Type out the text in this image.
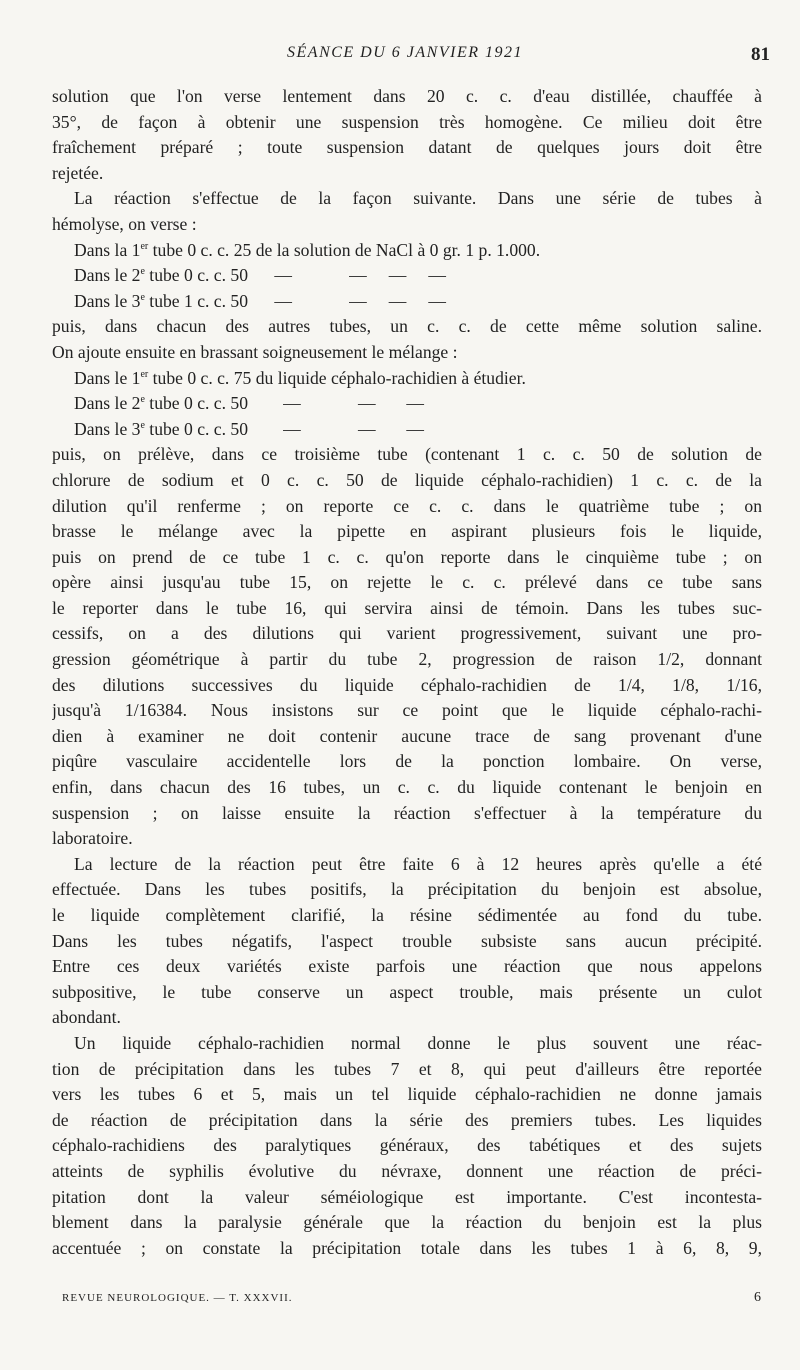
SÉANCE DU 6 JANVIER 1921	81
solution que l'on verse lentement dans 20 c. c. d'eau distillée, chauffée à
35°, de façon à obtenir une suspension très homogène. Ce milieu doit être
fraîchement préparé ; toute suspension datant de quelques jours doit être
rejetée.
La réaction s'effectue de la façon suivante. Dans une série de tubes à
hémolyse, on verse :
Dans la 1er tube 0 c. c. 25 de la solution de NaCl à 0 gr. 1 p. 1.000.
Dans le 2e tube 0 c. c. 50      —             —     —     —
Dans le 3e tube 1 c. c. 50      —             —     —     —
puis, dans chacun des autres tubes, un c. c. de cette même solution saline.
On ajoute ensuite en brassant soigneusement le mélange :
Dans le 1er tube 0 c. c. 75 du liquide céphalo-rachidien à étudier.
Dans le 2e tube 0 c. c. 50        —             —       —
Dans le 3e tube 0 c. c. 50        —             —       —
puis, on prélève, dans ce troisième tube (contenant 1 c. c. 50 de solution de
chlorure de sodium et 0 c. c. 50 de liquide céphalo-rachidien) 1 c. c. de la
dilution qu'il renferme ; on reporte ce c. c. dans le quatrième tube ; on
brasse le mélange avec la pipette en aspirant plusieurs fois le liquide,
puis on prend de ce tube 1 c. c. qu'on reporte dans le cinquième tube ; on
opère ainsi jusqu'au tube 15, on rejette le c. c. prélevé dans ce tube sans
le reporter dans le tube 16, qui servira ainsi de témoin. Dans les tubes suc-
cessifs, on a des dilutions qui varient progressivement, suivant une pro-
gression géométrique à partir du tube 2, progression de raison 1/2, donnant
des dilutions successives du liquide céphalo-rachidien de 1/4, 1/8, 1/16,
jusqu'à 1/16384. Nous insistons sur ce point que le liquide céphalo-rachi-
dien à examiner ne doit contenir aucune trace de sang provenant d'une
piqûre vasculaire accidentelle lors de la ponction lombaire. On verse,
enfin, dans chacun des 16 tubes, un c. c. du liquide contenant le benjoin en
suspension ; on laisse ensuite la réaction s'effectuer à la température du
laboratoire.
La lecture de la réaction peut être faite 6 à 12 heures après qu'elle a été
effectuée. Dans les tubes positifs, la précipitation du benjoin est absolue,
le liquide complètement clarifié, la résine sédimentée au fond du tube.
Dans les tubes négatifs, l'aspect trouble subsiste sans aucun précipité.
Entre ces deux variétés existe parfois une réaction que nous appelons
subpositive, le tube conserve un aspect trouble, mais présente un culot
abondant.
Un liquide céphalo-rachidien normal donne le plus souvent une réac-
tion de précipitation dans les tubes 7 et 8, qui peut d'ailleurs être reportée
vers les tubes 6 et 5, mais un tel liquide céphalo-rachidien ne donne jamais
de réaction de précipitation dans la série des premiers tubes. Les liquides
céphalo-rachidiens des paralytiques généraux, des tabétiques et des sujets
atteints de syphilis évolutive du névraxe, donnent une réaction de préci-
pitation dont la valeur séméiologique est importante. C'est incontesta-
blement dans la paralysie générale que la réaction du benjoin est la plus
accentuée ; on constate la précipitation totale dans les tubes 1 à 6, 8, 9,
REVUE NEUROLOGIQUE. — T. XXXVII.	6
